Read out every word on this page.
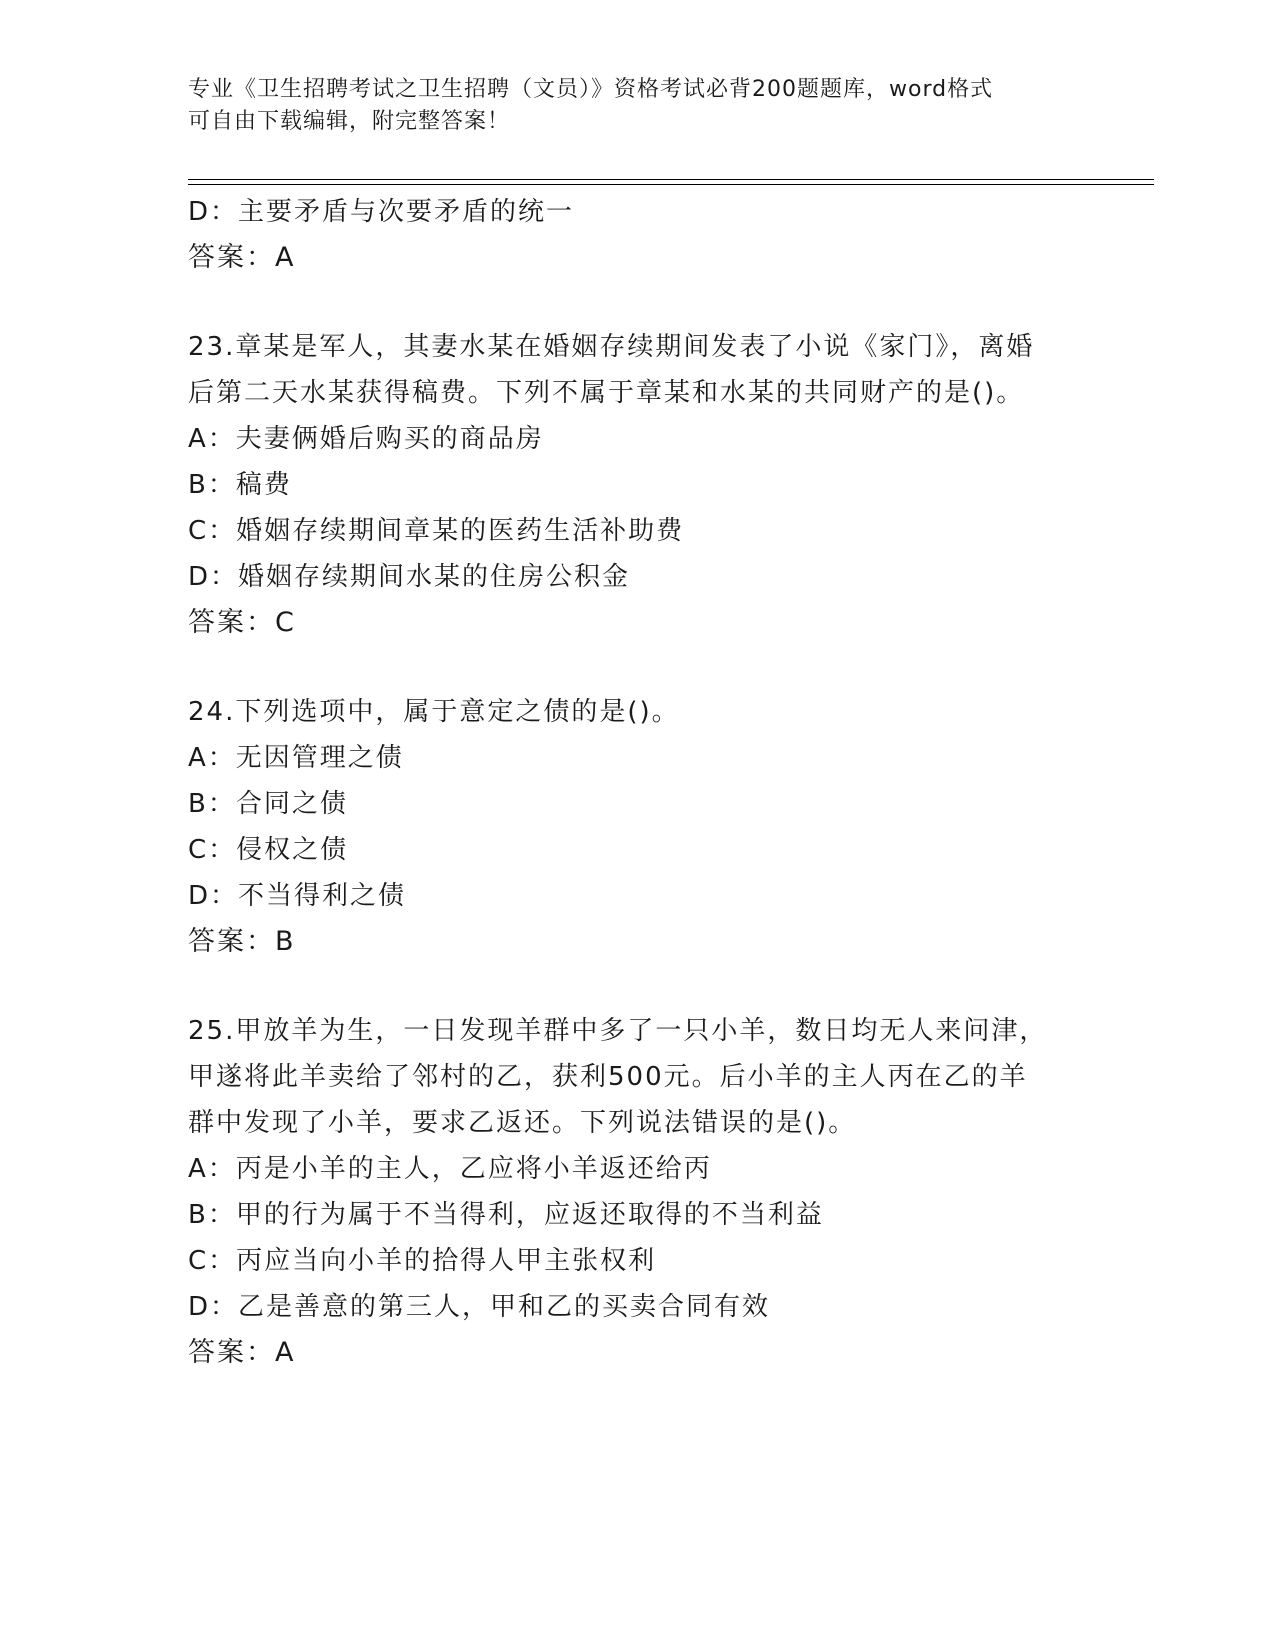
专业《卫生招聘考试之卫生招聘（文员）》资格考试必背200题题库，word格式
可自由下载编辑，附完整答案！
D：主要矛盾与次要矛盾的统一
答案：A
23.章某是军人，其妻水某在婚姻存续期间发表了小说《家门》，离婚
后第二天水某获得稿费。下列不属于章某和水某的共同财产的是()。
A：夫妻俩婚后购买的商品房
B：稿费
C：婚姻存续期间章某的医药生活补助费
D：婚姻存续期间水某的住房公积金
答案：C
24.下列选项中，属于意定之债的是()。
A：无因管理之债
B：合同之债
C：侵权之债
D：不当得利之债
答案：B
25.甲放羊为生，一日发现羊群中多了一只小羊，数日均无人来问津，
甲遂将此羊卖给了邻村的乙，获利500元。后小羊的主人丙在乙的羊
群中发现了小羊，要求乙返还。下列说法错误的是()。
A：丙是小羊的主人，乙应将小羊返还给丙
B：甲的行为属于不当得利，应返还取得的不当利益
C：丙应当向小羊的拾得人甲主张权利
D：乙是善意的第三人，甲和乙的买卖合同有效
答案：A
